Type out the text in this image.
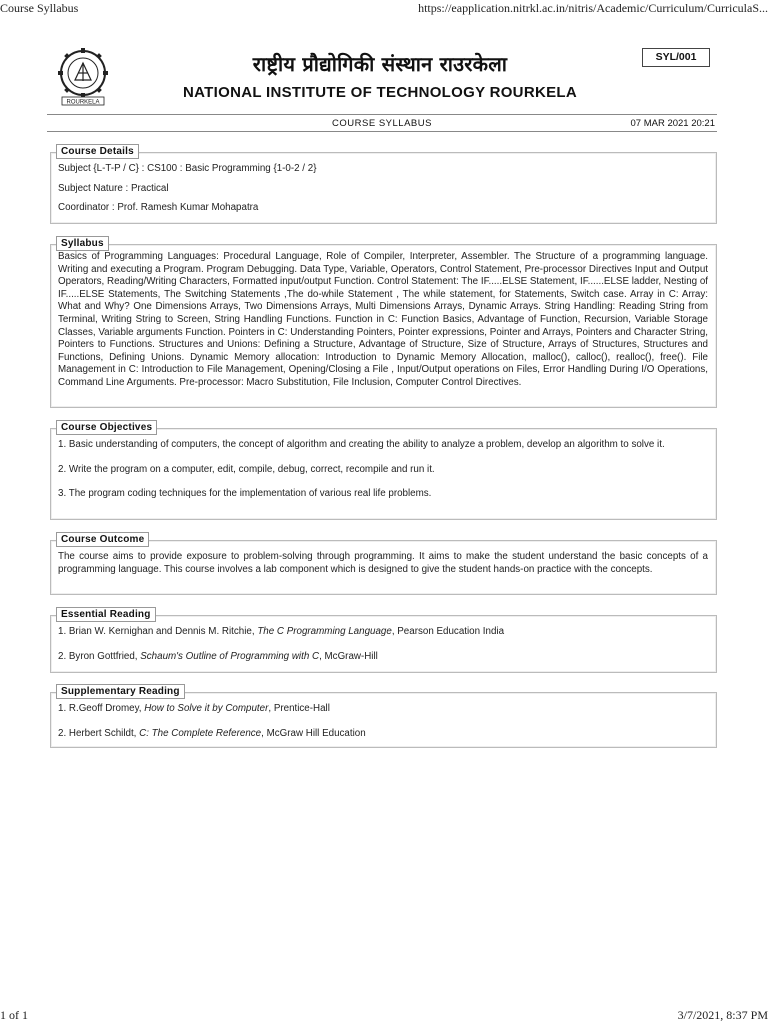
Course Syllabus	https://eapplication.nitrkl.ac.in/nitris/Academic/Curriculum/CurriculaS...
ROURKELA
राष्ट्रीय प्रौद्योगिकी संस्थान राउरकेला
NATIONAL INSTITUTE OF TECHNOLOGY ROURKELA
SYL/001
COURSE SYLLABUS	07 MAR 2021 20:21
Course Details

Subject {L-T-P / C} : CS100 : Basic Programming {1-0-2 / 2}

Subject Nature : Practical

Coordinator : Prof. Ramesh Kumar Mohapatra

Syllabus

Basics of Programming Languages: Procedural Language, Role of Compiler, Interpreter, Assembler. The Structure of a programming language. Writing and executing a Program. Program Debugging. Data Type, Variable, Operators, Control Statement, Pre-processor Directives Input and Output Operators, Reading/Writing Characters, Formatted input/output Function. Control Statement: The IF.....ELSE Statement, IF......ELSE ladder, Nesting of IF.....ELSE Statements, The Switching Statements ,The do-while Statement , The while statement, for Statements, Switch case. Array in C: Array: What and Why? One Dimensions Arrays, Two Dimensions Arrays, Multi Dimensions Arrays, Dynamic Arrays. String Handling: Reading String from Terminal, Writing String to Screen, String Handling Functions. Function in C: Function Basics, Advantage of Function, Recursion, Variable Storage Classes, Variable arguments Function. Pointers in C: Understanding Pointers, Pointer expressions, Pointer and Arrays, Pointers and Character String, Pointers to Functions. Structures and Unions: Defining a Structure, Advantage of Structure, Size of Structure, Arrays of Structures, Structures and Functions, Defining Unions. Dynamic Memory allocation: Introduction to Dynamic Memory Allocation, malloc(), calloc(), realloc(), free(). File Management in C: Introduction to File Management, Opening/Closing a File , Input/Output operations on Files, Error Handling During I/O Operations, Command Line Arguments. Pre-processor: Macro Substitution, File Inclusion, Computer Control Directives.

Course Objectives

1. Basic understanding of computers, the concept of algorithm and creating the ability to analyze a problem, develop an algorithm to solve it.

2. Write the program on a computer, edit, compile, debug, correct, recompile and run it.

3. The program coding techniques for the implementation of various real life problems.

Course Outcome

The course aims to provide exposure to problem-solving through programming. It aims to make the student understand the basic concepts of a programming language. This course involves a lab component which is designed to give the student hands-on practice with the concepts.

Essential Reading

1. Brian W. Kernighan and Dennis M. Ritchie, The C Programming Language, Pearson Education India

2. Byron Gottfried, Schaum's Outline of Programming with C, McGraw-Hill

Supplementary Reading

1. R.Geoff Dromey, How to Solve it by Computer, Prentice-Hall

2. Herbert Schildt, C: The Complete Reference, McGraw Hill Education

1 of 1	3/7/2021, 8:37 PM
